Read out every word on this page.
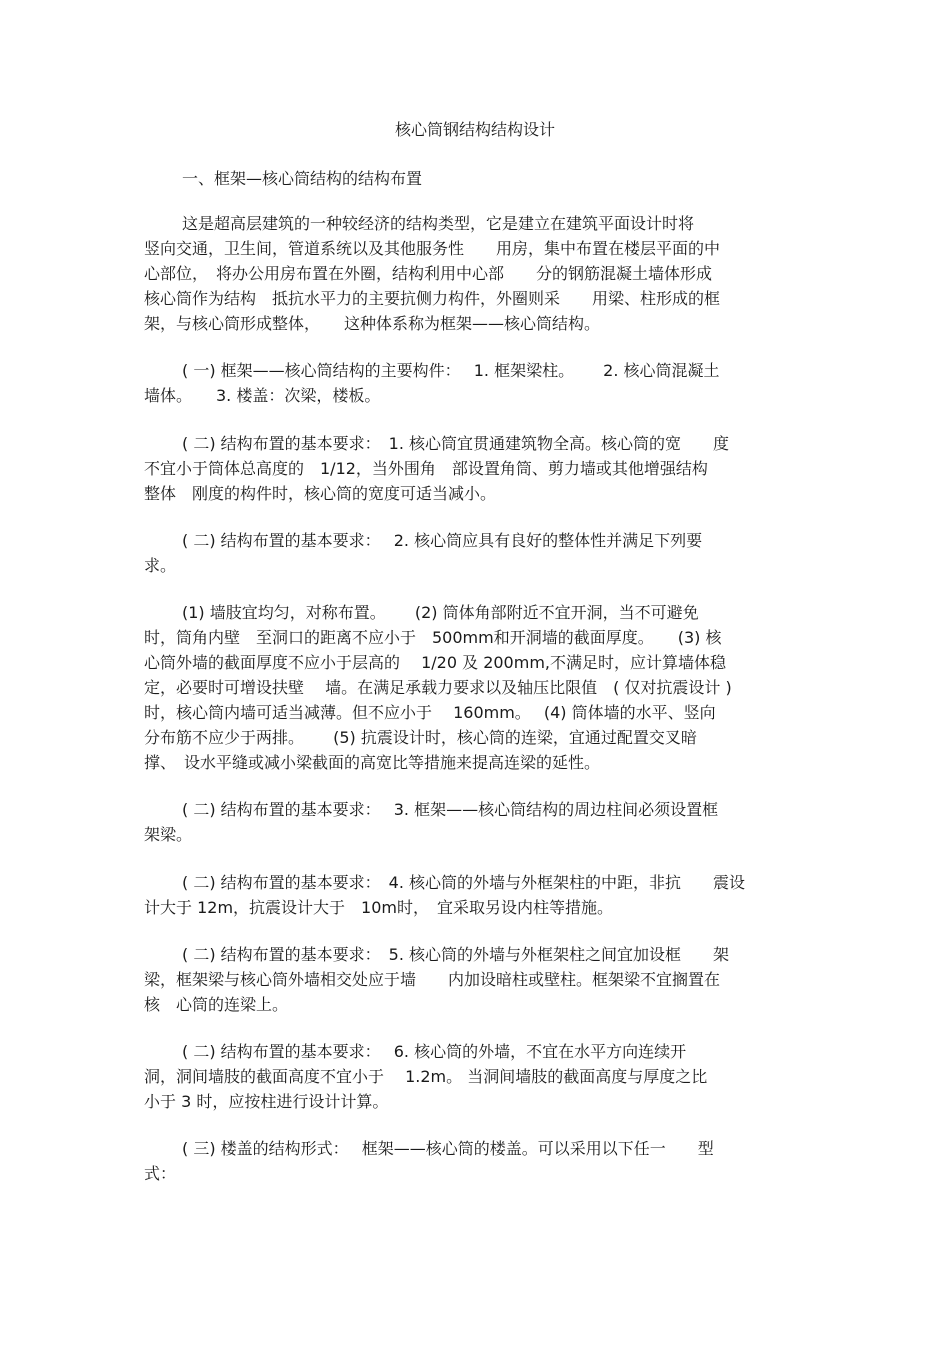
核心筒钢结构结构设计
一、框架—核心筒结构的结构布置
这是超高层建筑的一种较经济的结构类型，它是建立在建筑平面设计时将
竖向交通，卫生间，管道系统以及其他服务性　　用房，集中布置在楼层平面的中
心部位，　将办公用房布置在外圈，结构利用中心部　　分的钢筋混凝土墙体形成
核心筒作为结构　抵抗水平力的主要抗侧力构件，外圈则采　　用梁、柱形成的框
架，与核心筒形成整体，　　这种体系称为框架——核心筒结构。
( 一) 框架——核心筒结构的主要构件：　 1. 框架梁柱。　　 2. 核心筒混凝土
墙体。　　3. 楼盖：次梁，楼板。
( 二) 结构布置的基本要求：　1. 核心筒宜贯通建筑物全高。核心筒的宽　　度
不宜小于筒体总高度的　1/12，当外围角　部设置角筒、剪力墙或其他增强结构
整体　刚度的构件时，核心筒的宽度可适当减小。
( 二) 结构布置的基本要求：　 2. 核心筒应具有良好的整体性并满足下列要
求。
(1) 墙肢宜均匀，对称布置。　　 (2) 筒体角部附近不宜开洞，当不可避免
时，筒角内壁　至洞口的距离不应小于　500mm和开洞墙的截面厚度。　　(3) 核
心筒外墙的截面厚度不应小于层高的　 1/20 及 200mm,不满足时，应计算墙体稳
定，必要时可增设扶壁　 墙。在满足承载力要求以及轴压比限值　( 仅对抗震设计 )
时，核心筒内墙可适当减薄。但不应小于　 160mm。　 (4) 筒体墙的水平、竖向
分布筋不应少于两排。　　 (5) 抗震设计时，核心筒的连梁，宜通过配置交叉暗
撑、　设水平缝或减小梁截面的高宽比等措施来提高连梁的延性。
( 二) 结构布置的基本要求：　 3. 框架——核心筒结构的周边柱间必须设置框
架梁。
( 二) 结构布置的基本要求：　4. 核心筒的外墙与外框架柱的中距，非抗　　震设
计大于 12m，抗震设计大于　10m时，　宜采取另设内柱等措施。
( 二) 结构布置的基本要求：　5. 核心筒的外墙与外框架柱之间宜加设框　　架
梁，框架梁与核心筒外墙相交处应于墙　　内加设暗柱或壁柱。框架梁不宜搁置在
核　心筒的连梁上。
( 二) 结构布置的基本要求：　 6. 核心筒的外墙，不宜在水平方向连续开
洞，洞间墙肢的截面高度不宜小于　 1.2m。 当洞间墙肢的截面高度与厚度之比
小于 3 时，应按柱进行设计计算。
( 三) 楼盖的结构形式：　 框架——核心筒的楼盖。可以采用以下任一　　型
式：
